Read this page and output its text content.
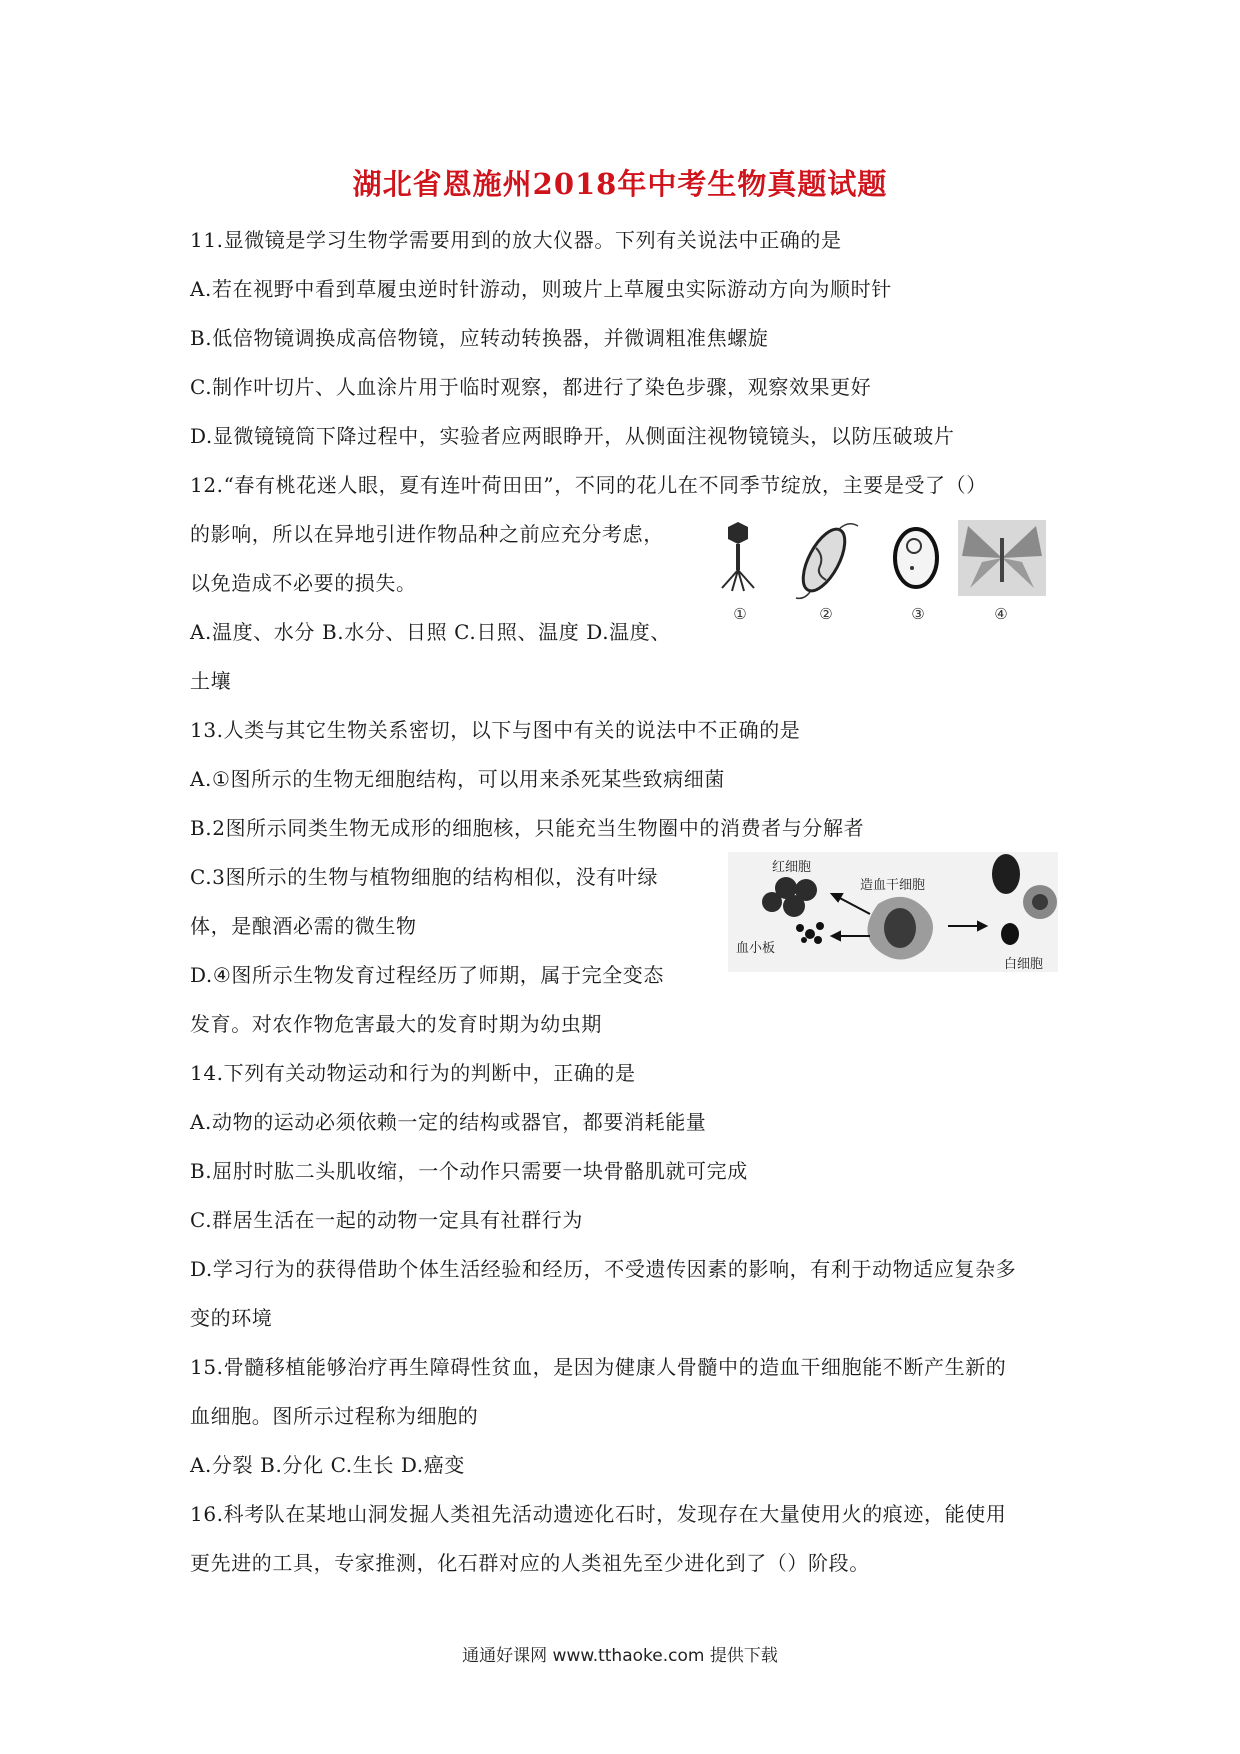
湖北省恩施州2018年中考生物真题试题
11.显微镜是学习生物学需要用到的放大仪器。下列有关说法中正确的是
A.若在视野中看到草履虫逆时针游动，则玻片上草履虫实际游动方向为顺时针
B.低倍物镜调换成高倍物镜，应转动转换器，并微调粗准焦螺旋
C.制作叶切片、人血涂片用于临时观察，都进行了染色步骤，观察效果更好
D.显微镜镜筒下降过程中，实验者应两眼睁开，从侧面注视物镜镜头，以防压破玻片
12.“春有桃花迷人眼，夏有连叶荷田田”，不同的花儿在不同季节绽放，主要是受了（）
的影响，所以在异地引进作物品种之前应充分考虑，
以免造成不必要的损失。
A.温度、水分 B.水分、日照 C.日照、温度 D.温度、
土壤
13.人类与其它生物关系密切，以下与图中有关的说法中不正确的是
A.①图所示的生物无细胞结构，可以用来杀死某些致病细菌
B.2图所示同类生物无成形的细胞核，只能充当生物圈中的消费者与分解者
C.3图所示的生物与植物细胞的结构相似，没有叶绿
体，是酿酒必需的微生物
D.④图所示生物发育过程经历了师期，属于完全变态
发育。对农作物危害最大的发育时期为幼虫期
14.下列有关动物运动和行为的判断中，正确的是
A.动物的运动必须依赖一定的结构或器官，都要消耗能量
B.屈肘时肱二头肌收缩，一个动作只需要一块骨骼肌就可完成
C.群居生活在一起的动物一定具有社群行为
D.学习行为的获得借助个体生活经验和经历，不受遗传因素的影响，有利于动物适应复杂多
变的环境
15.骨髓移植能够治疗再生障碍性贫血，是因为健康人骨髓中的造血干细胞能不断产生新的
血细胞。图所示过程称为细胞的
A.分裂 B.分化 C.生长 D.癌变
16.科考队在某地山洞发掘人类祖先活动遗迹化石时，发现存在大量使用火的痕迹，能使用
更先进的工具，专家推测，化石群对应的人类祖先至少进化到了（）阶段。
①	②	③	④
红细胞
造血干细胞
血小板
白细胞
通通好课网 www.tthaoke.com 提供下载
